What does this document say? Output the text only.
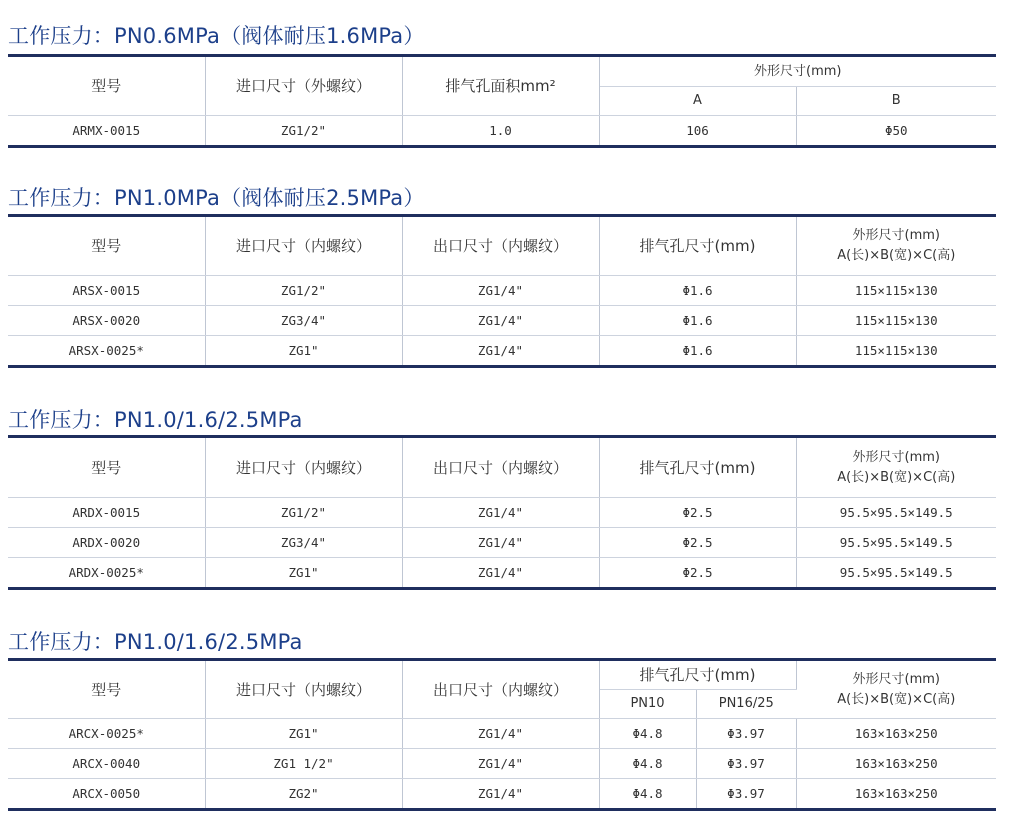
工作压力：PN0.6MPa（阀体耐压1.6MPa）
型号	进口尺寸（外螺纹）	排气孔面积mm²	外形尺寸(mm)	
			A	B
ARMX-0015	ZG1/2"	1.0	106	Φ50
工作压力：PN1.0MPa（阀体耐压2.5MPa）
型号	进口尺寸（内螺纹）	出口尺寸（内螺纹）	排气孔尺寸(mm)	外形尺寸(mm)
A(长)×B(宽)×C(高)

ARSX-0015	ZG1/2"	ZG1/4"	Φ1.6	115×115×130
ARSX-0020	ZG3/4"	ZG1/4"	Φ1.6	115×115×130
ARSX-0025*	ZG1"	ZG1/4"	Φ1.6	115×115×130
工作压力：PN1.0/1.6/2.5MPa
型号	进口尺寸（内螺纹）	出口尺寸（内螺纹）	排气孔尺寸(mm)	外形尺寸(mm)
A(长)×B(宽)×C(高)

ARDX-0015	ZG1/2"	ZG1/4"	Φ2.5	95.5×95.5×149.5
ARDX-0020	ZG3/4"	ZG1/4"	Φ2.5	95.5×95.5×149.5
ARDX-0025*	ZG1"	ZG1/4"	Φ2.5	95.5×95.5×149.5
工作压力：PN1.0/1.6/2.5MPa
型号	进口尺寸（内螺纹）	出口尺寸（内螺纹）	排气孔尺寸(mm)		外形尺寸(mm)
A(长)×B(宽)×C(高)

			PN10	PN16/25	
ARCX-0025*	ZG1"	ZG1/4"	Φ4.8	Φ3.97	163×163×250
ARCX-0040	ZG1 1/2"	ZG1/4"	Φ4.8	Φ3.97	163×163×250
ARCX-0050	ZG2"	ZG1/4"	Φ4.8	Φ3.97	163×163×250
